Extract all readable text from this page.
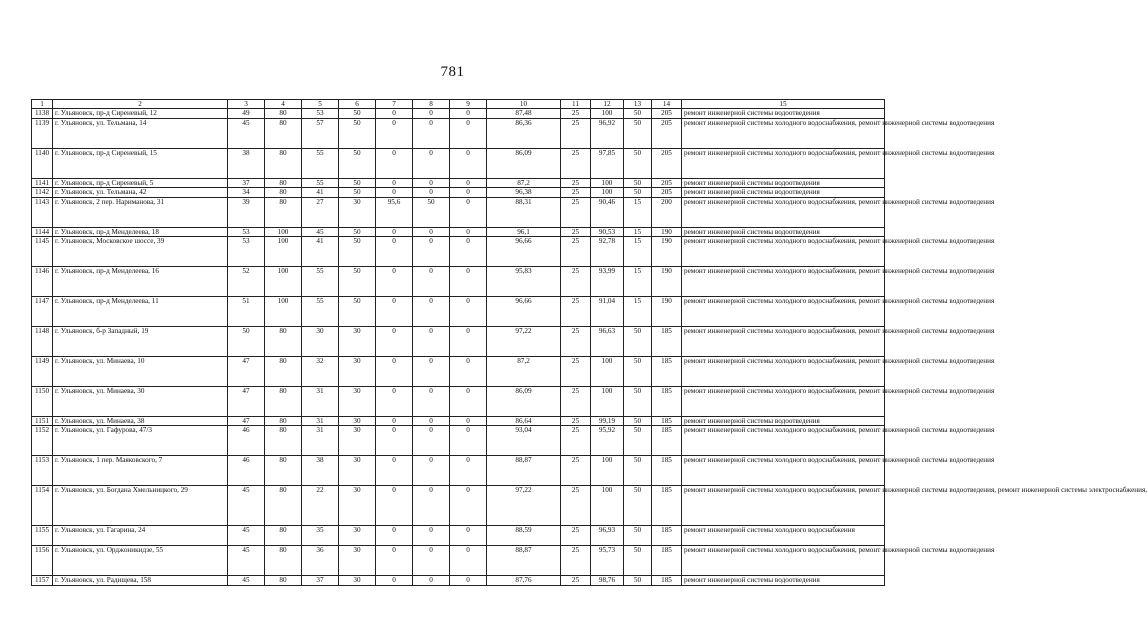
781
1	2	3	4	5	6	7	8	9	10	11	12	13	14	15
1138	г. Ульяновск, пр-д Сиреневый, 12	49	80	53	50	0	0	0	87,48	25	100	50	205	ремонт инженерной системы водоотведения
1139	г. Ульяновск, ул. Тельмана, 14	45	80	57	50	0	0	0	86,36	25	96,92	50	205	ремонт инженерной системы холодного водоснабжения, ремонт инженерной системы водоотведения
1140	г. Ульяновск, пр-д Сиреневый, 15	38	80	55	50	0	0	0	86,09	25	97,85	50	205	ремонт инженерной системы холодного водоснабжения, ремонт инженерной системы водоотведения
1141	г. Ульяновск, пр-д Сиреневый, 5	37	80	55	50	0	0	0	87,2	25	100	50	205	ремонт инженерной системы водоотведения
1142	г. Ульяновск, ул. Тельмана, 42	34	80	41	50	0	0	0	96,38	25	100	50	205	ремонт инженерной системы водоотведения
1143	г. Ульяновск, 2 пер. Нариманова, 31	39	80	27	30	95,6	50	0	88,31	25	90,46	15	200	ремонт инженерной системы холодного водоснабжения, ремонт инженерной системы водоотведения
1144	г. Ульяновск, пр-д Менделеева, 18	53	100	45	50	0	0	0	96,1	25	90,53	15	190	ремонт инженерной системы водоотведения
1145	г. Ульяновск, Московское шоссе, 39	53	100	41	50	0	0	0	96,66	25	92,78	15	190	ремонт инженерной системы холодного водоснабжения, ремонт инженерной системы водоотведения
1146	г. Ульяновск, пр-д Менделеева, 16	52	100	55	50	0	0	0	95,83	25	93,99	15	190	ремонт инженерной системы холодного водоснабжения, ремонт инженерной системы водоотведения
1147	г. Ульяновск, пр-д Менделеева, 11	51	100	55	50	0	0	0	96,66	25	91,04	15	190	ремонт инженерной системы холодного водоснабжения, ремонт инженерной системы водоотведения
1148	г. Ульяновск, б-р Западный, 19	50	80	30	30	0	0	0	97,22	25	96,63	50	185	ремонт инженерной системы холодного водоснабжения, ремонт инженерной системы водоотведения
1149	г. Ульяновск, ул. Минаева, 10	47	80	32	30	0	0	0	87,2	25	100	50	185	ремонт инженерной системы холодного водоснабжения, ремонт инженерной системы водоотведения
1150	г. Ульяновск, ул. Минаева, 30	47	80	31	30	0	0	0	86,09	25	100	50	185	ремонт инженерной системы холодного водоснабжения, ремонт инженерной системы водоотведения
1151	г. Ульяновск, ул. Минаева, 38	47	80	31	30	0	0	0	86,64	25	99,19	50	185	ремонт инженерной системы водоотведения
1152	г. Ульяновск, ул. Гафурова, 47/3	46	80	31	30	0	0	0	93,04	25	95,92	50	185	ремонт инженерной системы холодного водоснабжения, ремонт инженерной системы водоотведения
1153	г. Ульяновск, 1 пер. Маяковского, 7	46	80	38	30	0	0	0	88,87	25	100	50	185	ремонт инженерной системы холодного водоснабжения, ремонт инженерной системы водоотведения
1154	г. Ульяновск, ул. Богдана Хмельницкого, 29	45	80	22	30	0	0	0	97,22	25	100	50	185	ремонт инженерной системы холодного водоснабжения, ремонт инженерной системы водоотведения, ремонт инженерной системы электроснабжения,
1155	г. Ульяновск, ул. Гагарина, 24	45	80	35	30	0	0	0	88,59	25	96,93	50	185	ремонт инженерной системы холодного водоснабжения
1156	г. Ульяновск, ул. Орджоникидзе, 55	45	80	36	30	0	0	0	88,87	25	95,73	50	185	ремонт инженерной системы холодного водоснабжения, ремонт инженерной системы водоотведения
1157	г. Ульяновск, ул. Радищева, 158	45	80	37	30	0	0	0	87,76	25	98,76	50	185	ремонт инженерной системы водоотведения
